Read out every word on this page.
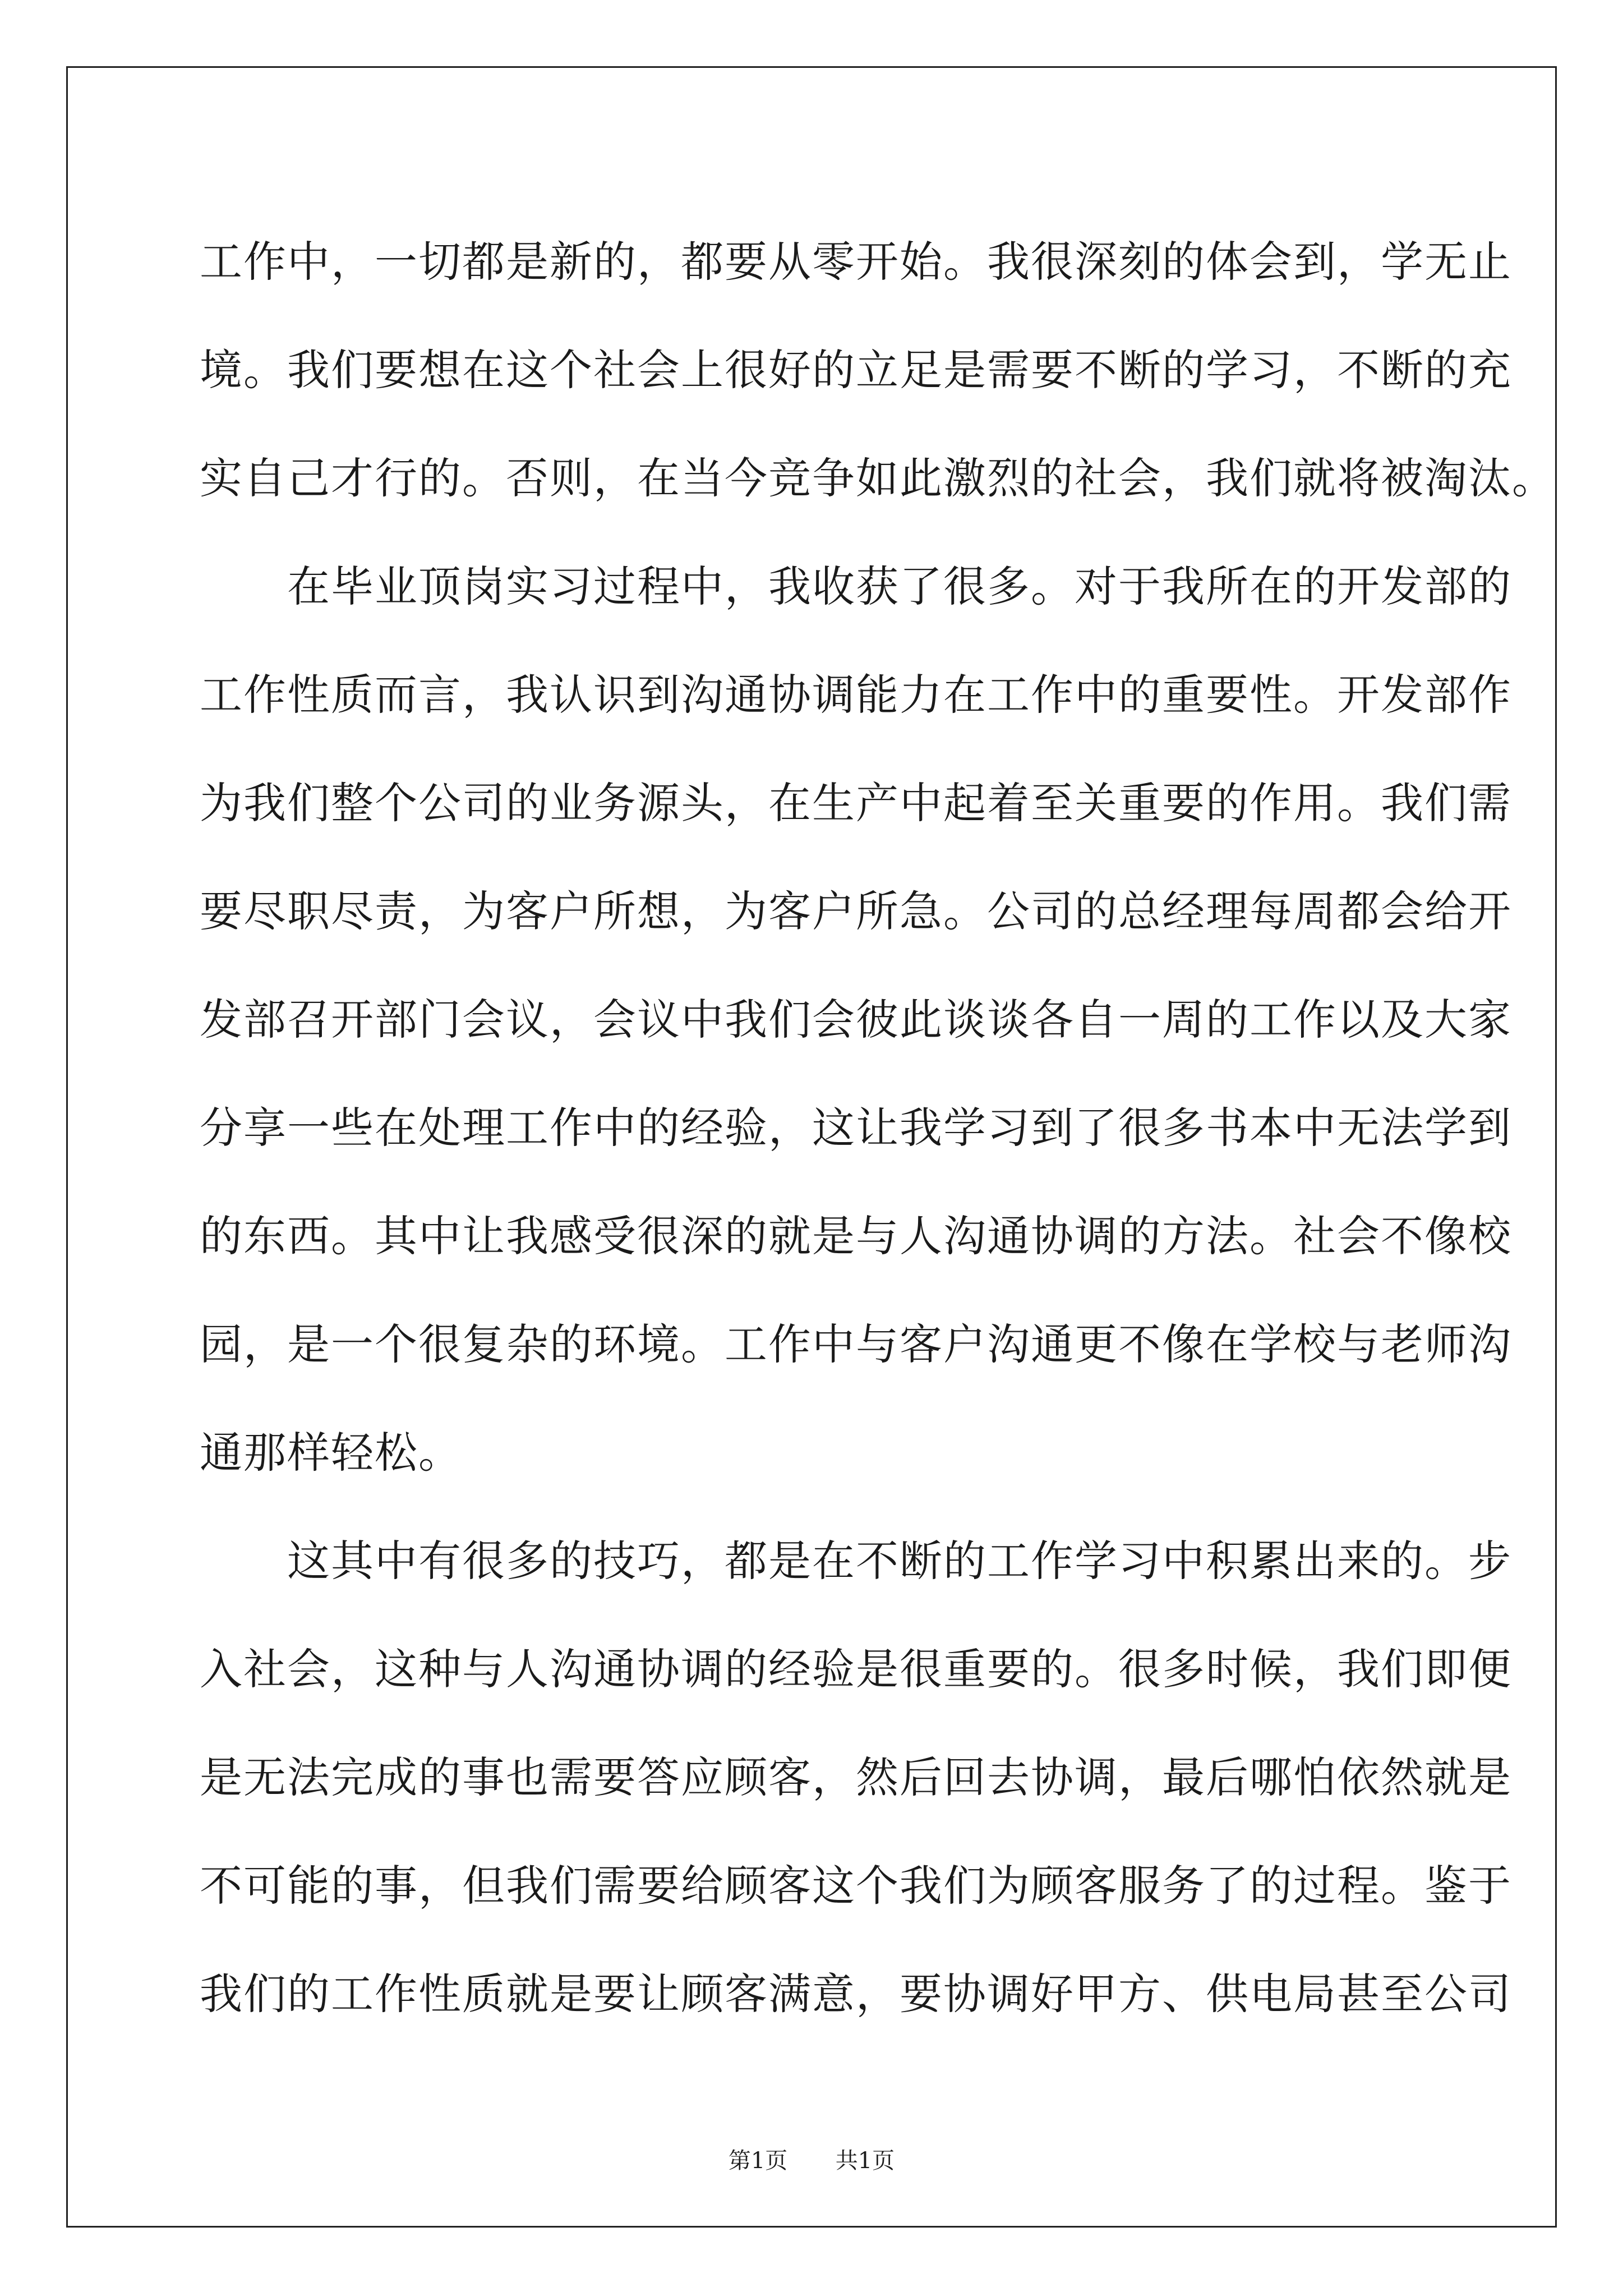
工作中，一切都是新的，都要从零开始。我很深刻的体会到，学无止
境。我们要想在这个社会上很好的立足是需要不断的学习，不断的充
实自己才行的。否则，在当今竞争如此激烈的社会，我们就将被淘汰。
　　在毕业顶岗实习过程中，我收获了很多。对于我所在的开发部的
工作性质而言，我认识到沟通协调能力在工作中的重要性。开发部作
为我们整个公司的业务源头，在生产中起着至关重要的作用。我们需
要尽职尽责，为客户所想，为客户所急。公司的总经理每周都会给开
发部召开部门会议，会议中我们会彼此谈谈各自一周的工作以及大家
分享一些在处理工作中的经验，这让我学习到了很多书本中无法学到
的东西。其中让我感受很深的就是与人沟通协调的方法。社会不像校
园，是一个很复杂的环境。工作中与客户沟通更不像在学校与老师沟
通那样轻松。
　　这其中有很多的技巧，都是在不断的工作学习中积累出来的。步
入社会，这种与人沟通协调的经验是很重要的。很多时候，我们即便
是无法完成的事也需要答应顾客，然后回去协调，最后哪怕依然就是
不可能的事，但我们需要给顾客这个我们为顾客服务了的过程。鉴于
我们的工作性质就是要让顾客满意，要协调好甲方、供电局甚至公司
第1页 共1页
